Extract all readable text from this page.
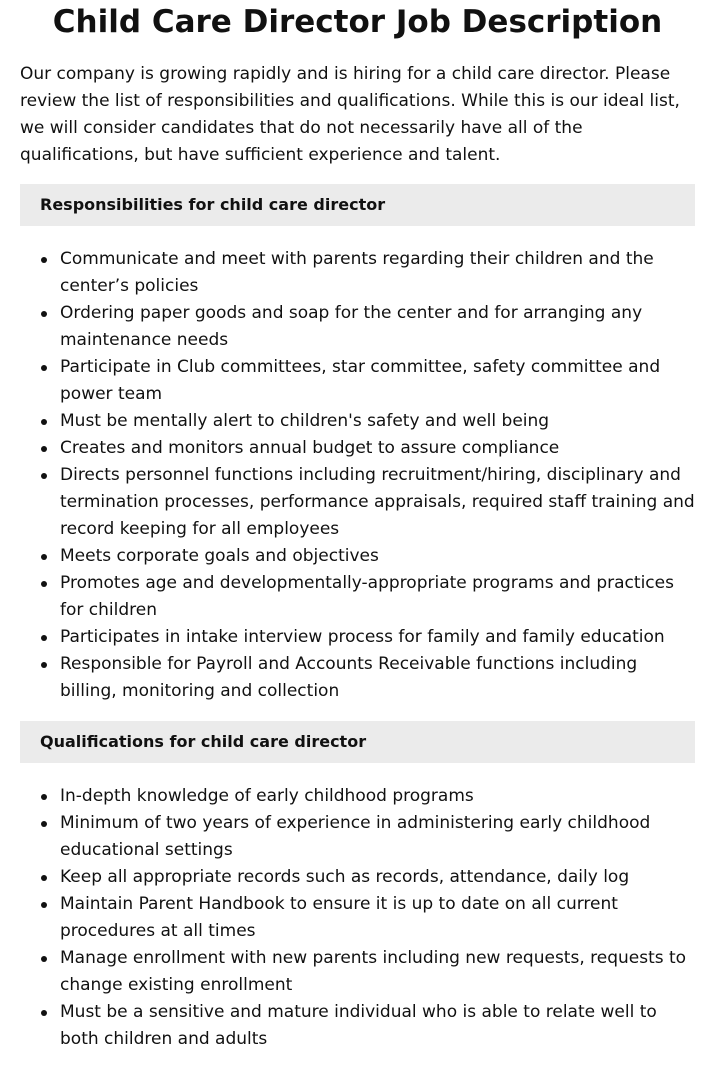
Child Care Director Job Description

Our company is growing rapidly and is hiring for a child care director. Please review the list of responsibilities and qualifications. While this is our ideal list, we will consider candidates that do not necessarily have all of the qualifications, but have sufficient experience and talent.

Responsibilities for child care director
Communicate and meet with parents regarding their children and the center’s policies
Ordering paper goods and soap for the center and for arranging any maintenance needs
Participate in Club committees, star committee, safety committee and power team
Must be mentally alert to children's safety and well being
Creates and monitors annual budget to assure compliance
Directs personnel functions including recruitment/hiring, disciplinary and termination processes, performance appraisals, required staff training and record keeping for all employees
Meets corporate goals and objectives
Promotes age and developmentally-appropriate programs and practices for children
Participates in intake interview process for family and family education
Responsible for Payroll and Accounts Receivable functions including billing, monitoring and collection
Qualifications for child care director
In-depth knowledge of early childhood programs
Minimum of two years of experience in administering early childhood educational settings
Keep all appropriate records such as records, attendance, daily log
Maintain Parent Handbook to ensure it is up to date on all current procedures at all times
Manage enrollment with new parents including new requests, requests to change existing enrollment
Must be a sensitive and mature individual who is able to relate well to both children and adults
